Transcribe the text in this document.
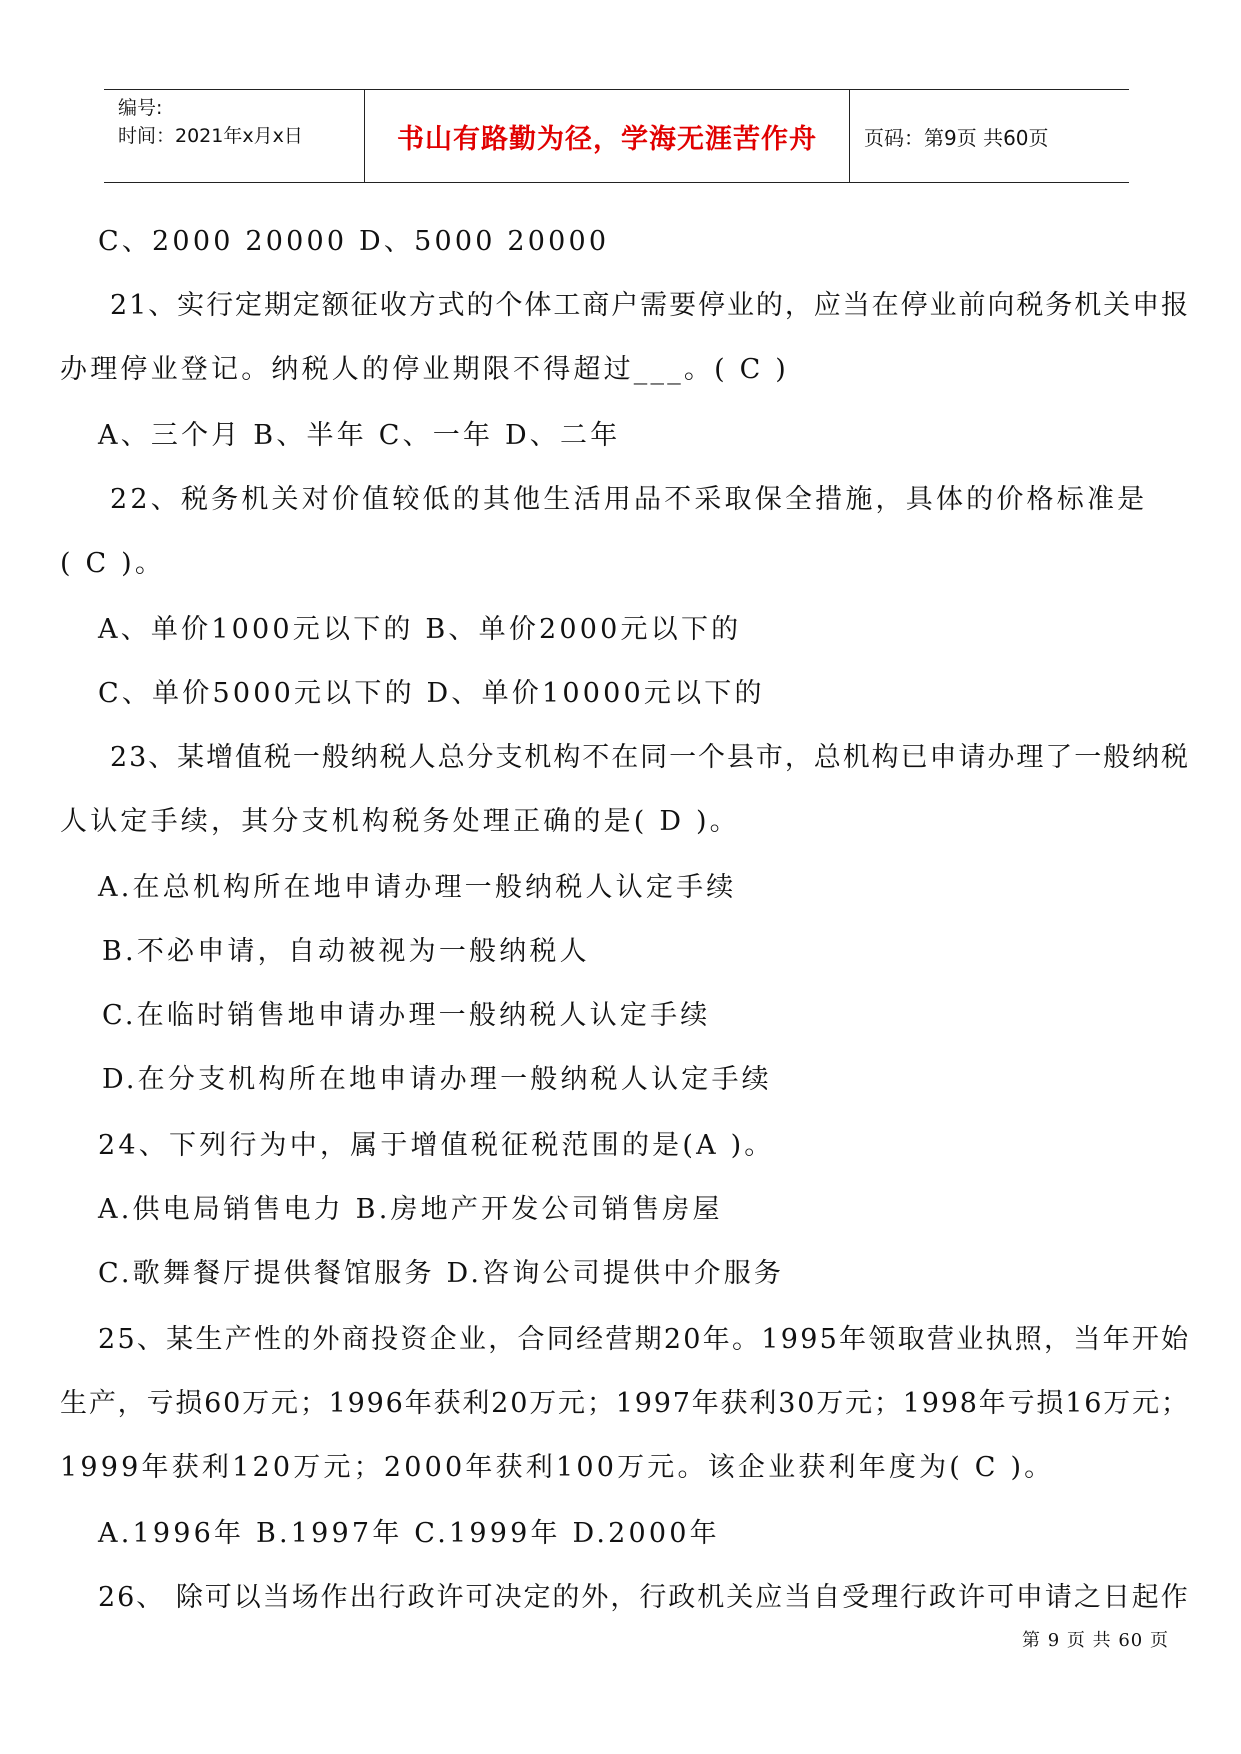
编号:
时间：2021年x月x日	书山有路勤为径，学海无涯苦作舟	页码：第9页 共60页
C、2000 20000 D、5000 20000
21、实行定期定额征收方式的个体工商户需要停业的，应当在停业前向税务机关申报
办理停业登记。纳税人的停业期限不得超过___。( C )
A、三个月 B、半年 C、一年 D、二年
22、税务机关对价值较低的其他生活用品不采取保全措施，具体的价格标准是
( C )。
A、单价1000元以下的 B、单价2000元以下的
C、单价5000元以下的 D、单价10000元以下的
23、某增值税一般纳税人总分支机构不在同一个县市，总机构已申请办理了一般纳税
人认定手续，其分支机构税务处理正确的是( D )。
A.在总机构所在地申请办理一般纳税人认定手续
B.不必申请，自动被视为一般纳税人
C.在临时销售地申请办理一般纳税人认定手续
D.在分支机构所在地申请办理一般纳税人认定手续
24、下列行为中，属于增值税征税范围的是(A )。
A.供电局销售电力 B.房地产开发公司销售房屋
C.歌舞餐厅提供餐馆服务 D.咨询公司提供中介服务
25、某生产性的外商投资企业，合同经营期20年。1995年领取营业执照，当年开始
生产，亏损60万元；1996年获利20万元；1997年获利30万元；1998年亏损16万元；
1999年获利120万元；2000年获利100万元。该企业获利年度为( C )。
A.1996年 B.1997年 C.1999年 D.2000年
26、 除可以当场作出行政许可决定的外，行政机关应当自受理行政许可申请之日起作
第 9 页 共 60 页
